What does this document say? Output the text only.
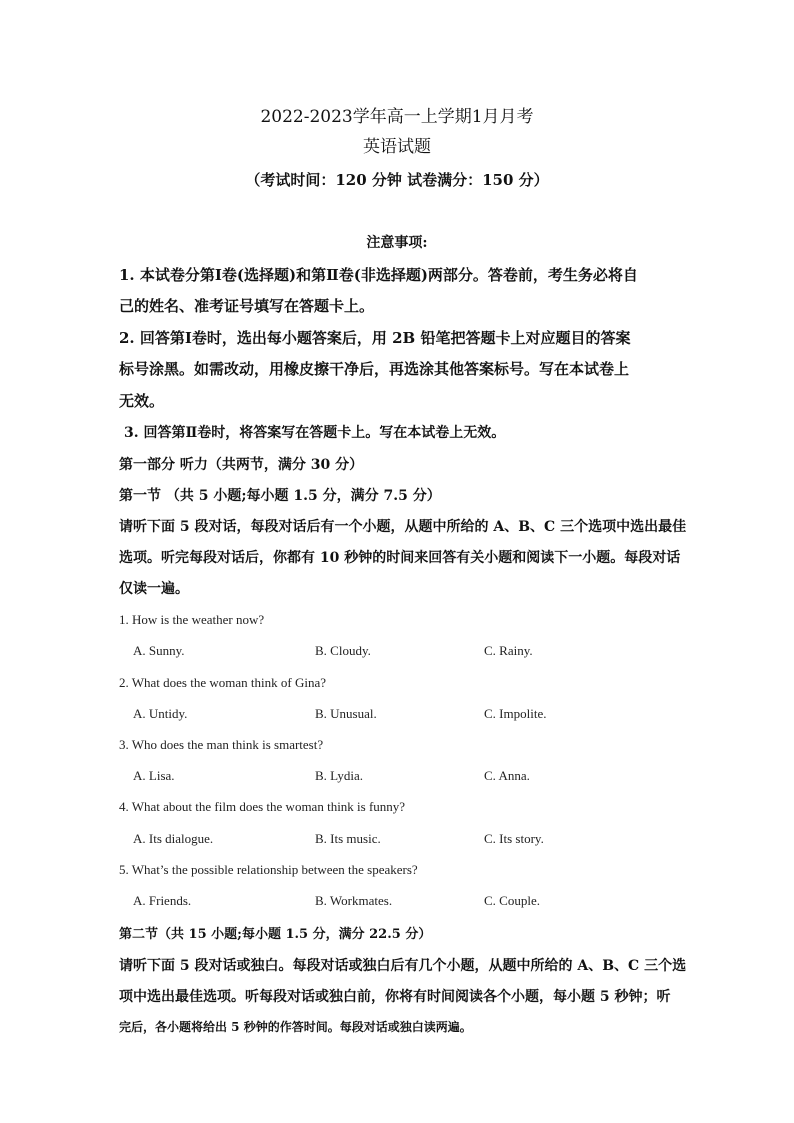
2022-2023学年高一上学期1月月考
英语试题
（考试时间：120 分钟 试卷满分：150 分）
注意事项:
1. 本试卷分第Ⅰ卷(选择题)和第Ⅱ卷(非选择题)两部分。答卷前，考生务必将自
己的姓名、准考证号填写在答题卡上。
2. 回答第Ⅰ卷时，选出每小题答案后，用 2B 铅笔把答题卡上对应题目的答案
标号涂黑。如需改动，用橡皮擦干净后，再选涂其他答案标号。写在本试卷上
无效。
3. 回答第Ⅱ卷时，将答案写在答题卡上。写在本试卷上无效。
第一部分 听力（共两节，满分 30 分）
第一节 （共 5 小题;每小题 1.5 分，满分 7.5 分）
请听下面 5 段对话，每段对话后有一个小题，从题中所给的 A、B、C 三个选项中选出最佳
选项。听完每段对话后，你都有 10 秒钟的时间来回答有关小题和阅读下一小题。每段对话
仅读一遍。
1. How is the weather now?
A. Sunny.	B. Cloudy.	C. Rainy.
2. What does the woman think of Gina?
A. Untidy.	B. Unusual.	C. Impolite.
3. Who does the man think is smartest?
A. Lisa.	B. Lydia.	C. Anna.
4. What about the film does the woman think is funny?
A. Its dialogue.	B. Its music.	C. Its story.
5. What’s the possible relationship between the speakers?
A. Friends.	B. Workmates.	C. Couple.
第二节（共 15 小题;每小题 1.5 分，满分 22.5 分）
请听下面 5 段对话或独白。每段对话或独白后有几个小题，从题中所给的 A、B、C 三个选
项中选出最佳选项。听每段对话或独白前，你将有时间阅读各个小题，每小题 5 秒钟；听
完后，各小题将给出 5 秒钟的作答时间。每段对话或独白读两遍。
